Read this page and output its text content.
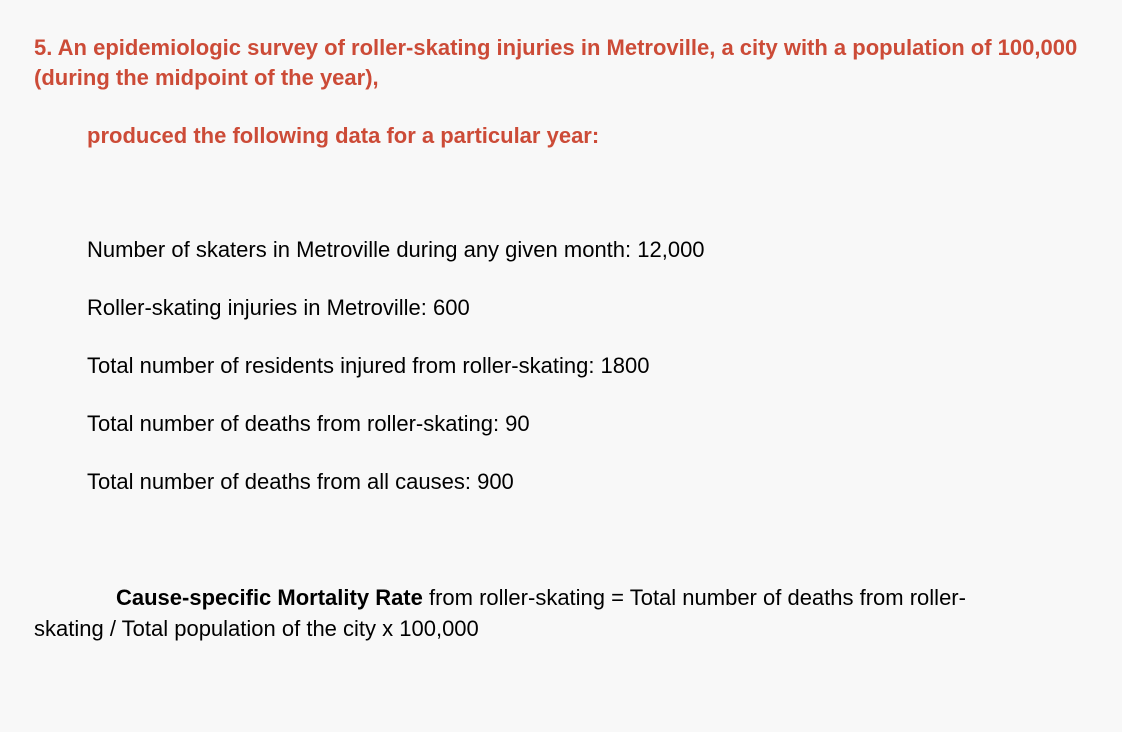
5. An epidemiologic survey of roller-skating injuries in Metroville, a city with a population of 100,000 (during the midpoint of the year),

produced the following data for a particular year:

Number of skaters in Metroville during any given month: 12,000
Roller-skating injuries in Metroville: 600
Total number of residents injured from roller-skating: 1800
Total number of deaths from roller-skating: 90
Total number of deaths from all causes: 900

Cause-specific Mortality Rate from roller-skating = Total number of deaths from roller-skating / Total population of the city x 100,000
